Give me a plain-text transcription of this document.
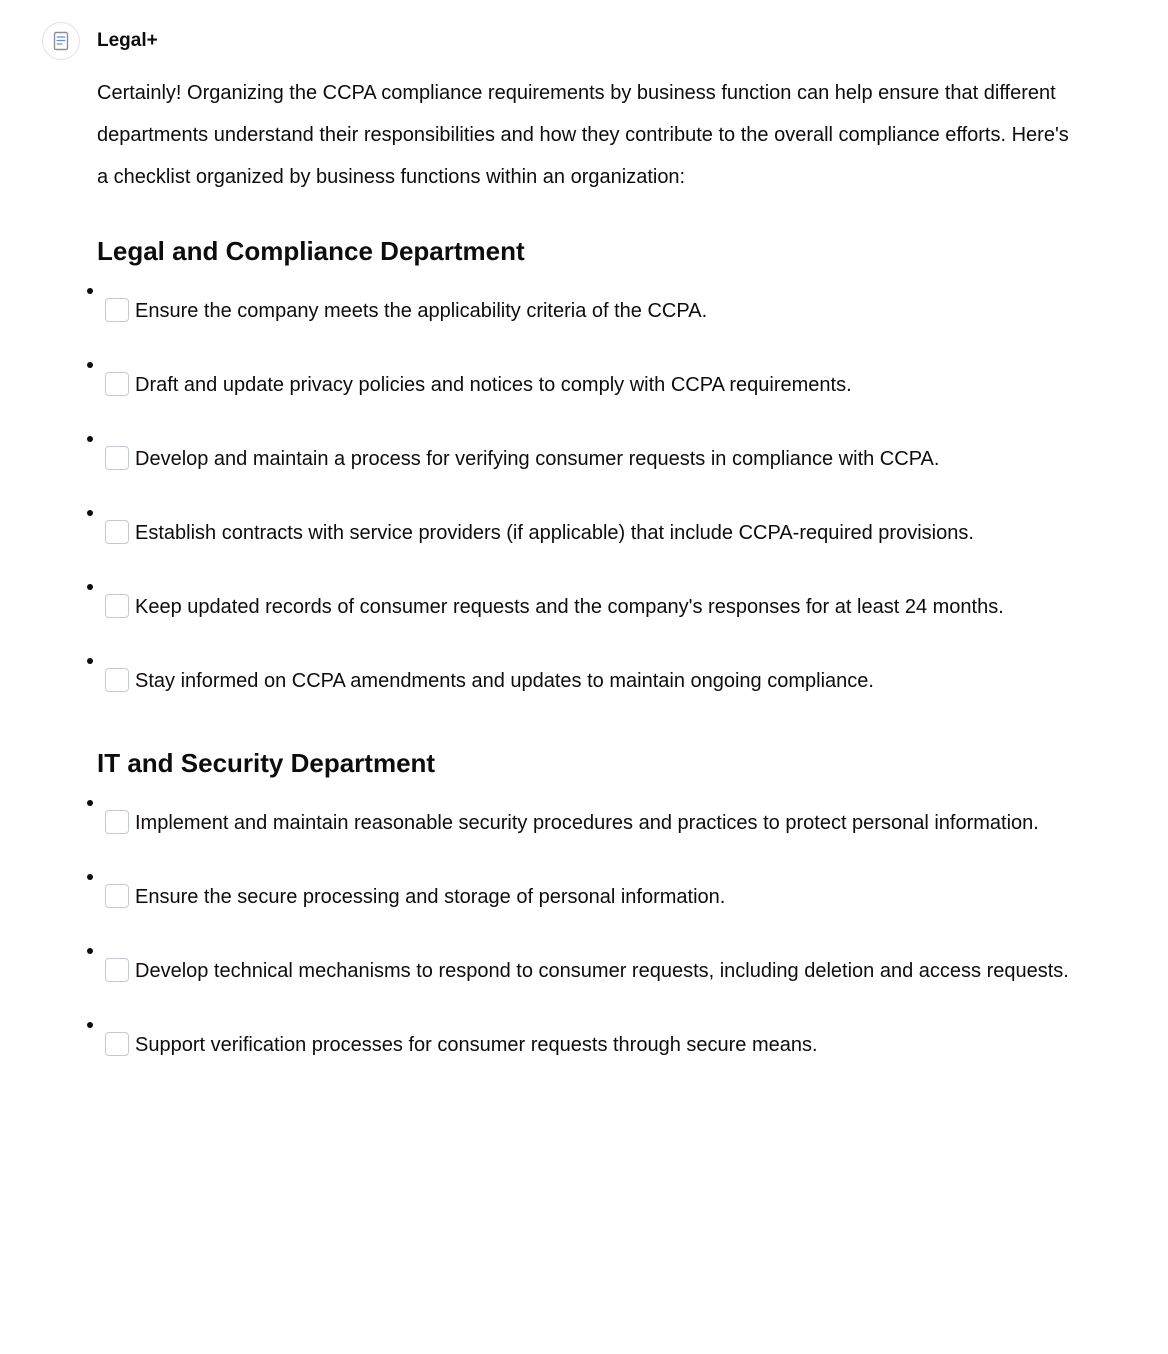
Legal+

Certainly! Organizing the CCPA compliance requirements by business function can help ensure that different departments understand their responsibilities and how they contribute to the overall compliance efforts. Here's a checklist organized by business functions within an organization:

Legal and Compliance Department
Ensure the company meets the applicability criteria of the CCPA.
Draft and update privacy policies and notices to comply with CCPA requirements.
Develop and maintain a process for verifying consumer requests in compliance with CCPA.
Establish contracts with service providers (if applicable) that include CCPA-required provisions.
Keep updated records of consumer requests and the company's responses for at least 24 months.
Stay informed on CCPA amendments and updates to maintain ongoing compliance.
IT and Security Department
Implement and maintain reasonable security procedures and practices to protect personal information.
Ensure the secure processing and storage of personal information.
Develop technical mechanisms to respond to consumer requests, including deletion and access requests.
Support verification processes for consumer requests through secure means.
